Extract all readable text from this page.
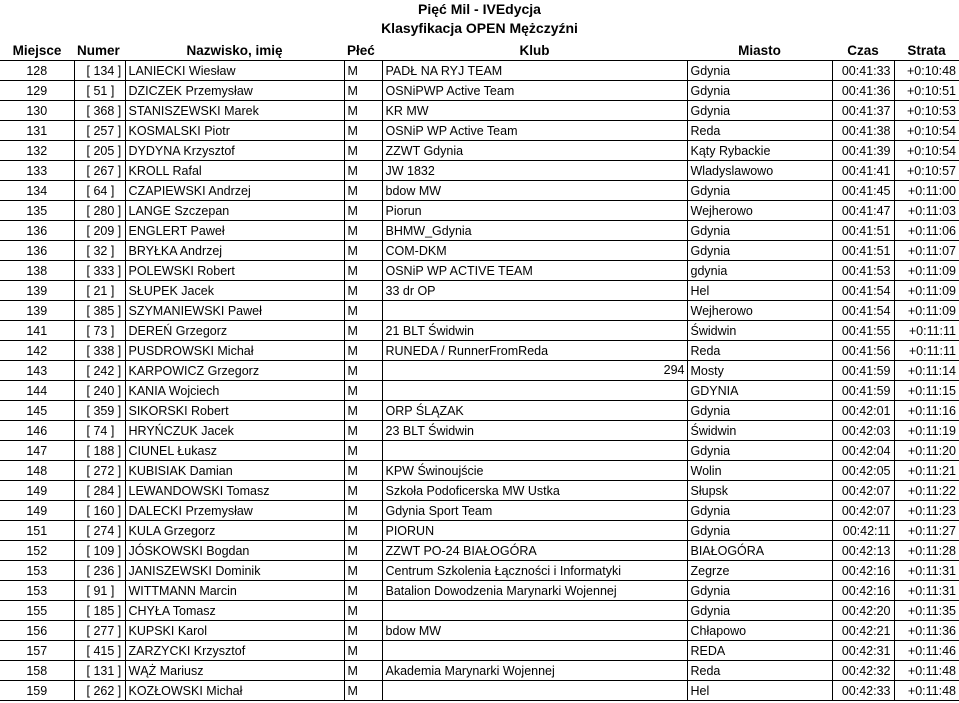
Pięć Mil - IVEdycja
Klasyfikacja OPEN Mężczyźni
Miejsce	Numer	Nazwisko, imię	Płeć	Klub	Miasto	Czas	Strata
128	[ 134 ]	LANIECKI Wiesław	M	PADŁ NA RYJ TEAM	Gdynia	00:41:33	+0:10:48
129	[ 51 ]	DZICZEK Przemysław	M	OSNiPWP Active Team	Gdynia	00:41:36	+0:10:51
130	[ 368 ]	STANISZEWSKI Marek	M	KR MW	Gdynia	00:41:37	+0:10:53
131	[ 257 ]	KOSMALSKI Piotr	M	OSNiP WP Active Team	Reda	00:41:38	+0:10:54
132	[ 205 ]	DYDYNA Krzysztof	M	ZZWT Gdynia	Kąty Rybackie	00:41:39	+0:10:54
133	[ 267 ]	KROLL Rafal	M	JW 1832	Wladyslawowo	00:41:41	+0:10:57
134	[ 64 ]	CZAPIEWSKI Andrzej	M	bdow MW	Gdynia	00:41:45	+0:11:00
135	[ 280 ]	LANGE Szczepan	M	Piorun	Wejherowo	00:41:47	+0:11:03
136	[ 209 ]	ENGLERT Paweł	M	BHMW_Gdynia	Gdynia	00:41:51	+0:11:06
136	[ 32 ]	BRYŁKA Andrzej	M	COM-DKM	Gdynia	00:41:51	+0:11:07
138	[ 333 ]	POLEWSKI Robert	M	OSNiP WP ACTIVE TEAM	gdynia	00:41:53	+0:11:09
139	[ 21 ]	SŁUPEK Jacek	M	33 dr OP	Hel	00:41:54	+0:11:09
139	[ 385 ]	SZYMANIEWSKI Paweł	M		Wejherowo	00:41:54	+0:11:09
141	[ 73 ]	DEREŃ Grzegorz	M	21 BLT Świdwin	Świdwin	00:41:55	+0:11:11
142	[ 338 ]	PUSDROWSKI Michał	M	RUNEDA / RunnerFromReda	Reda	00:41:56	+0:11:11
143	[ 242 ]	KARPOWICZ Grzegorz	M	294	Mosty	00:41:59	+0:11:14
144	[ 240 ]	KANIA Wojciech	M		GDYNIA	00:41:59	+0:11:15
145	[ 359 ]	SIKORSKI Robert	M	ORP ŚLĄZAK	Gdynia	00:42:01	+0:11:16
146	[ 74 ]	HRYŃCZUK Jacek	M	23 BLT Świdwin	Świdwin	00:42:03	+0:11:19
147	[ 188 ]	CIUNEL Łukasz	M		Gdynia	00:42:04	+0:11:20
148	[ 272 ]	KUBISIAK Damian	M	KPW Świnoujście	Wolin	00:42:05	+0:11:21
149	[ 284 ]	LEWANDOWSKI Tomasz	M	Szkoła Podoficerska MW Ustka	Słupsk	00:42:07	+0:11:22
149	[ 160 ]	DALECKI Przemysław	M	Gdynia Sport Team	Gdynia	00:42:07	+0:11:23
151	[ 274 ]	KULA Grzegorz	M	PIORUN	Gdynia	00:42:11	+0:11:27
152	[ 109 ]	JÓSKOWSKI Bogdan	M	ZZWT PO-24 BIAŁOGÓRA	BIAŁOGÓRA	00:42:13	+0:11:28
153	[ 236 ]	JANISZEWSKI Dominik	M	Centrum Szkolenia Łączności i Informatyki	Zegrze	00:42:16	+0:11:31
153	[ 91 ]	WITTMANN Marcin	M	Batalion Dowodzenia Marynarki Wojennej	Gdynia	00:42:16	+0:11:31
155	[ 185 ]	CHYŁA Tomasz	M		Gdynia	00:42:20	+0:11:35
156	[ 277 ]	KUPSKI Karol	M	bdow MW	Chłapowo	00:42:21	+0:11:36
157	[ 415 ]	ZARZYCKI Krzysztof	M		REDA	00:42:31	+0:11:46
158	[ 131 ]	WĄŻ Mariusz	M	Akademia Marynarki Wojennej	Reda	00:42:32	+0:11:48
159	[ 262 ]	KOZŁOWSKI Michał	M		Hel	00:42:33	+0:11:48
